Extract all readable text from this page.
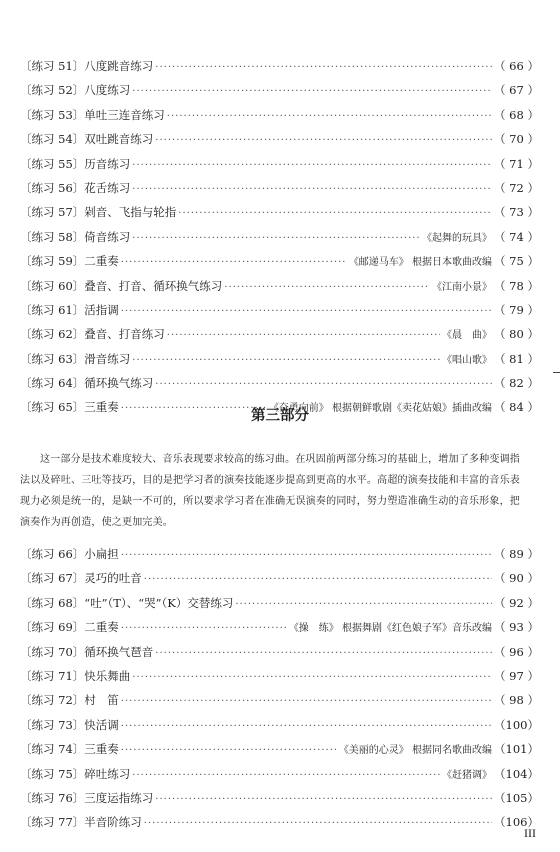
〔练习 51〕八度跳音练习 ·····	（ 66 ）
〔练习 52〕八度练习 ·····	（ 67 ）
〔练习 53〕单吐三连音练习 ·····	（ 68 ）
〔练习 54〕双吐跳音练习 ·····	（ 70 ）
〔练习 55〕历音练习 ·····	（ 71 ）
〔练习 56〕花舌练习 ·····	（ 72 ）
〔练习 57〕剁音、飞指与轮指 ·····	（ 73 ）
〔练习 58〕倚音练习 ·····	《起舞的玩具》 （ 74 ）
〔练习 59〕二重奏 ·····	《邮递马车》 根据日本歌曲改编 （ 75 ）
〔练习 60〕叠音、打音、循环换气练习 ·····	《江南小景》 （ 78 ）
〔练习 61〕活指调 ·····	（ 79 ）
〔练习 62〕叠音、打音练习 ·····	《晨　曲》 （ 80 ）
〔练习 63〕滑音练习 ·····	《唱山歌》 （ 81 ）
〔练习 64〕循环换气练习 ·····	（ 82 ）
〔练习 65〕三重奏 ·····	《奋勇向前》 根据朝鲜歌剧《卖花姑娘》插曲改编 （ 84 ）
第三部分

这一部分是技术难度较大、音乐表现要求较高的练习曲。在巩固前两部分练习的基础上，增加了多种变调指法以及碎吐、三吐等技巧，目的是把学习者的演奏技能逐步提高到更高的水平。高超的演奏技能和丰富的音乐表现力必须是统一的，是缺一不可的，所以要求学习者在准确无误演奏的同时，努力塑造准确生动的音乐形象，把演奏作为再创造，使之更加完美。

〔练习 66〕小扁担 ·····	（ 89 ）
〔练习 67〕灵巧的吐音 ·····	（ 90 ）
〔练习 68〕“吐”（T）、“哭”（K）交替练习 ·····	（ 92 ）
〔练习 69〕二重奏 ·····	《操　练》 根据舞剧《红色娘子军》音乐改编 （ 93 ）
〔练习 70〕循环换气琶音 ·····	（ 96 ）
〔练习 71〕快乐舞曲 ·····	（ 97 ）
〔练习 72〕村　笛 ·····	（ 98 ）
〔练习 73〕快活调 ·····	（100）
〔练习 74〕三重奏 ·····	《美丽的心灵》 根据同名歌曲改编 （101）
〔练习 75〕碎吐练习 ·····	《赶猪调》 （104）
〔练习 76〕三度运指练习 ·····	（105）
〔练习 77〕半音阶练习 ·····	（106）
III
